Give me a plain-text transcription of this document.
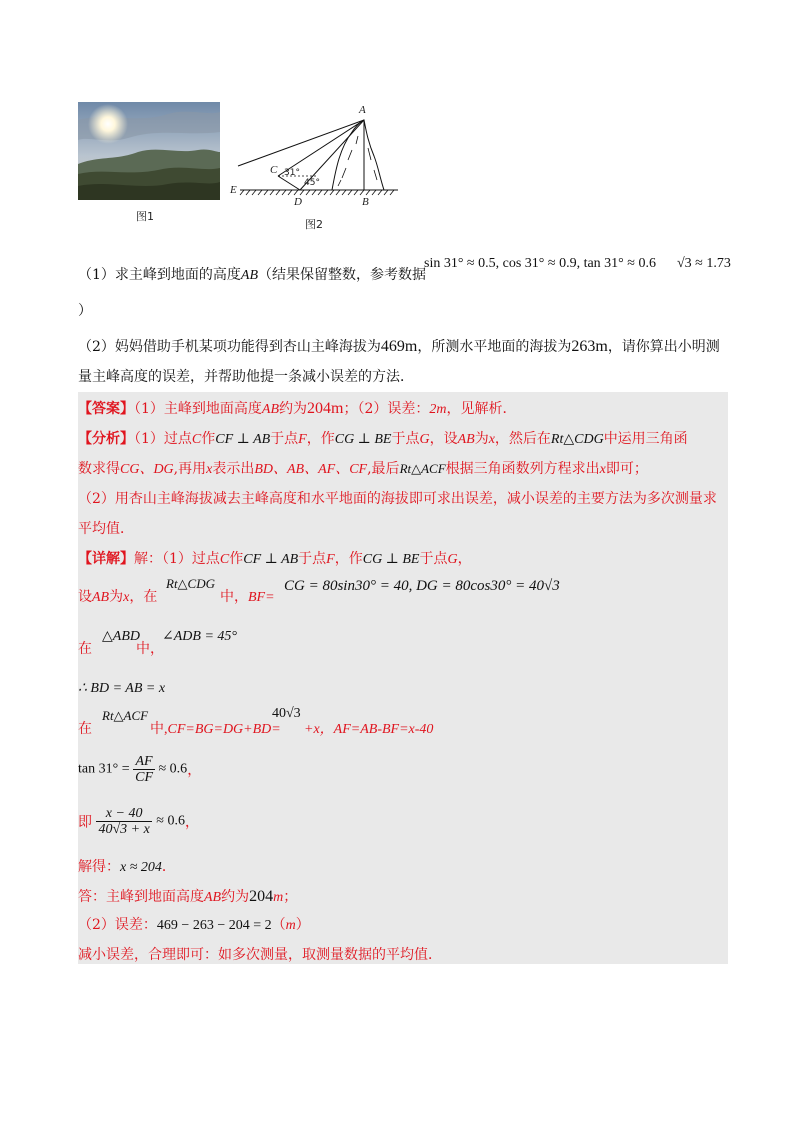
图1
A
C 31°
45°
E
D	B
图2
（1）求主峰到地面的高度AB（结果保留整数，参考数据
sin 31° ≈ 0.5, cos 31° ≈ 0.9, tan 31° ≈ 0.6 √3 ≈ 1.73
）
（2）妈妈借助手机某项功能得到杏山主峰海拔为469m，所测水平地面的海拔为263m，请你算出小明测
量主峰高度的误差，并帮助他提一条减小误差的方法．
【答案】（1）主峰到地面高度AB约为204m；（2）误差：2m，见解析．
【分析】（1）过点C作CF ⊥ AB于点F，作CG ⊥ BE于点G，设AB为x，然后在Rt△CDG中运用三角函
数求得CG、DG,再用x表示出BD、AB、AF、CF,最后Rt△ACF根据三角函数列方程求出x即可；
（2）用杏山主峰海拔减去主峰高度和水平地面的海拔即可求出误差，减小误差的主要方法为多次测量求
平均值．
【详解】解：（1）过点C作CF ⊥ AB于点F，作CG ⊥ BE于点G，
设AB为x，在
Rt△CDG
中，BF=
CG = 80sin30° = 40, DG = 80cos30° = 40√3
在
△ABD
中，
∠ADB = 45°
∴ BD = AB = x
在
Rt△ACF
中,CF=BG=DG+BD=
40√3
+x，AF=AB-BF=x-40
$\tan 31^\circ = \frac{AF}{CF} \approx 0.6$，
即 $\frac{x - 40}{40√3 + x} \approx 0.6$，
解得：x ≈ 204．
答：主峰到地面高度AB约为204m；
（2）误差：469 − 263 − 204 = 2（m）
减小误差，合理即可：如多次测量，取测量数据的平均值．
